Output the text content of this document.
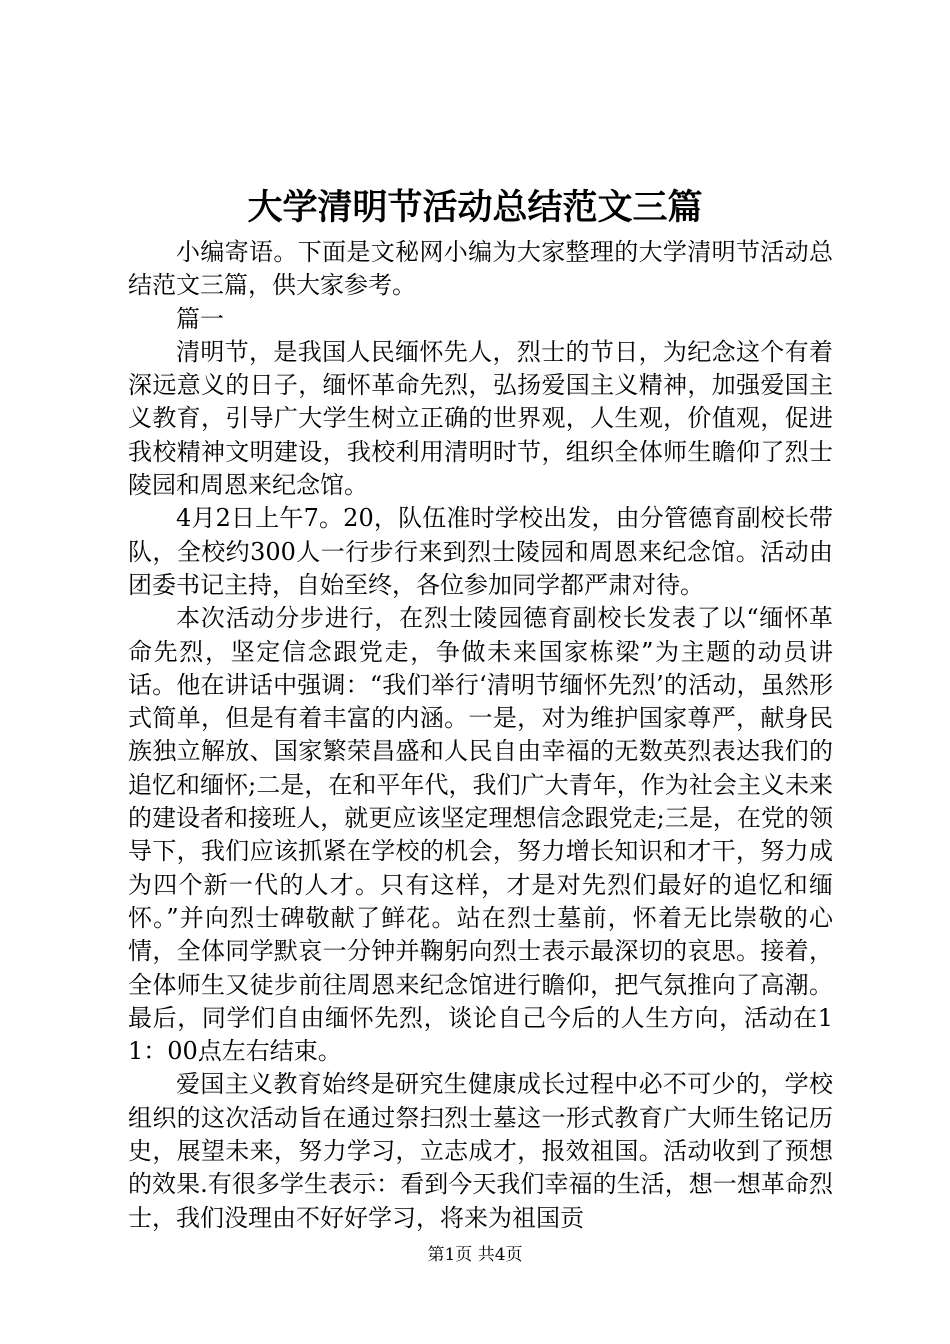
大学清明节活动总结范文三篇

小编寄语。下面是文秘网小编为大家整理的大学清明节活动总结范文三篇，供大家参考。

篇一

清明节，是我国人民缅怀先人，烈士的节日，为纪念这个有着深远意义的日子，缅怀革命先烈，弘扬爱国主义精神，加强爱国主义教育，引导广大学生树立正确的世界观，人生观，价值观，促进我校精神文明建设，我校利用清明时节，组织全体师生瞻仰了烈士陵园和周恩来纪念馆。

4月2日上午7。20，队伍准时学校出发，由分管德育副校长带队，全校约300人一行步行来到烈士陵园和周恩来纪念馆。活动由团委书记主持，自始至终，各位参加同学都严肃对待。

本次活动分步进行，在烈士陵园德育副校长发表了以“缅怀革命先烈，坚定信念跟党走，争做未来国家栋梁”为主题的动员讲话。他在讲话中强调：“我们举行‘清明节缅怀先烈’的活动，虽然形式简单，但是有着丰富的内涵。一是，对为维护国家尊严，献身民族独立解放、国家繁荣昌盛和人民自由幸福的无数英烈表达我们的追忆和缅怀;二是，在和平年代，我们广大青年，作为社会主义未来的建设者和接班人，就更应该坚定理想信念跟党走;三是，在党的领导下，我们应该抓紧在学校的机会，努力增长知识和才干，努力成为四个新一代的人才。只有这样，才是对先烈们最好的追忆和缅怀。”并向烈士碑敬献了鲜花。站在烈士墓前，怀着无比崇敬的心情，全体同学默哀一分钟并鞠躬向烈士表示最深切的哀思。接着，全体师生又徒步前往周恩来纪念馆进行瞻仰，把气氛推向了高潮。最后，同学们自由缅怀先烈，谈论自己今后的人生方向，活动在11：00点左右结束。

爱国主义教育始终是研究生健康成长过程中必不可少的，学校组织的这次活动旨在通过祭扫烈士墓这一形式教育广大师生铭记历史，展望未来，努力学习，立志成才，报效祖国。活动收到了预想的效果.有很多学生表示：看到今天我们幸福的生活，想一想革命烈士，我们没理由不好好学习，将来为祖国贡

第1页 共4页
